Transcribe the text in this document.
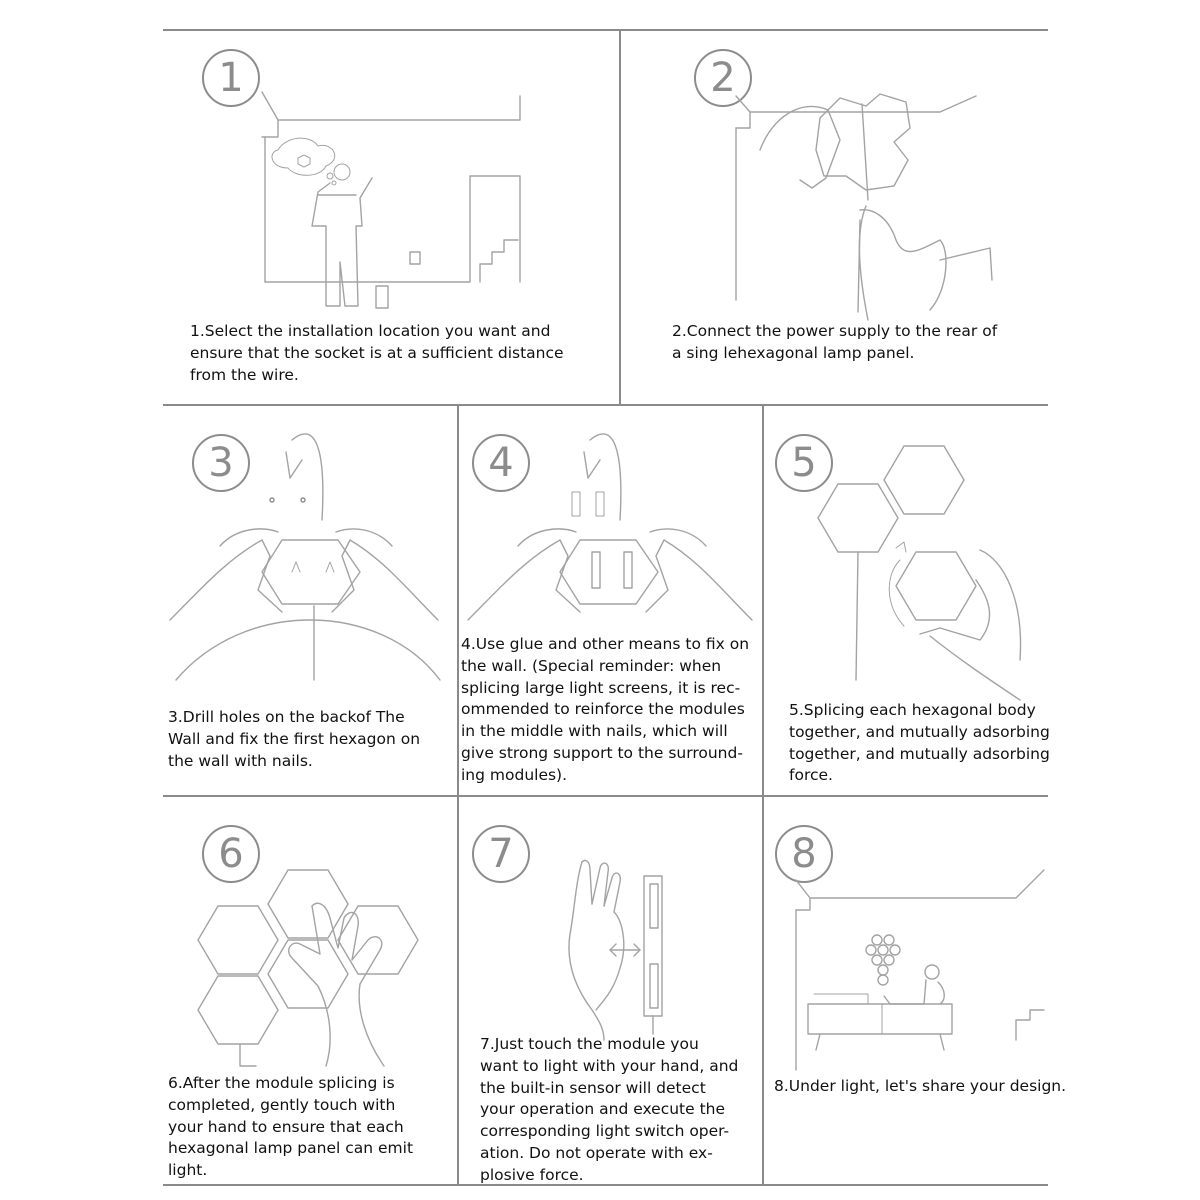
1
1.Select the installation location you want and
ensure that the socket is at a sufficient distance
from the wire.
2
2.Connect the power supply to the rear of
a sing lehexagonal lamp panel.
3
3.Drill holes on the backof The
Wall and fix the first hexagon on
the wall with nails.
4
4.Use glue and other means to fix on
the wall. (Special reminder: when
splicing large light screens, it is rec-
ommended to reinforce the modules
in the middle with nails, which will
give strong support to the surround-
ing modules).
5
5.Splicing each hexagonal body
together, and mutually adsorbing
together, and mutually adsorbing
force.
6
6.After the module splicing is
completed, gently touch with
your hand to ensure that each
hexagonal lamp panel can emit
light.
7
7.Just touch the module you
want to light with your hand, and
the built-in sensor will detect
your operation and execute the
corresponding light switch oper-
ation. Do not operate with ex-
plosive force.
8
8.Under light, let's share your design.
